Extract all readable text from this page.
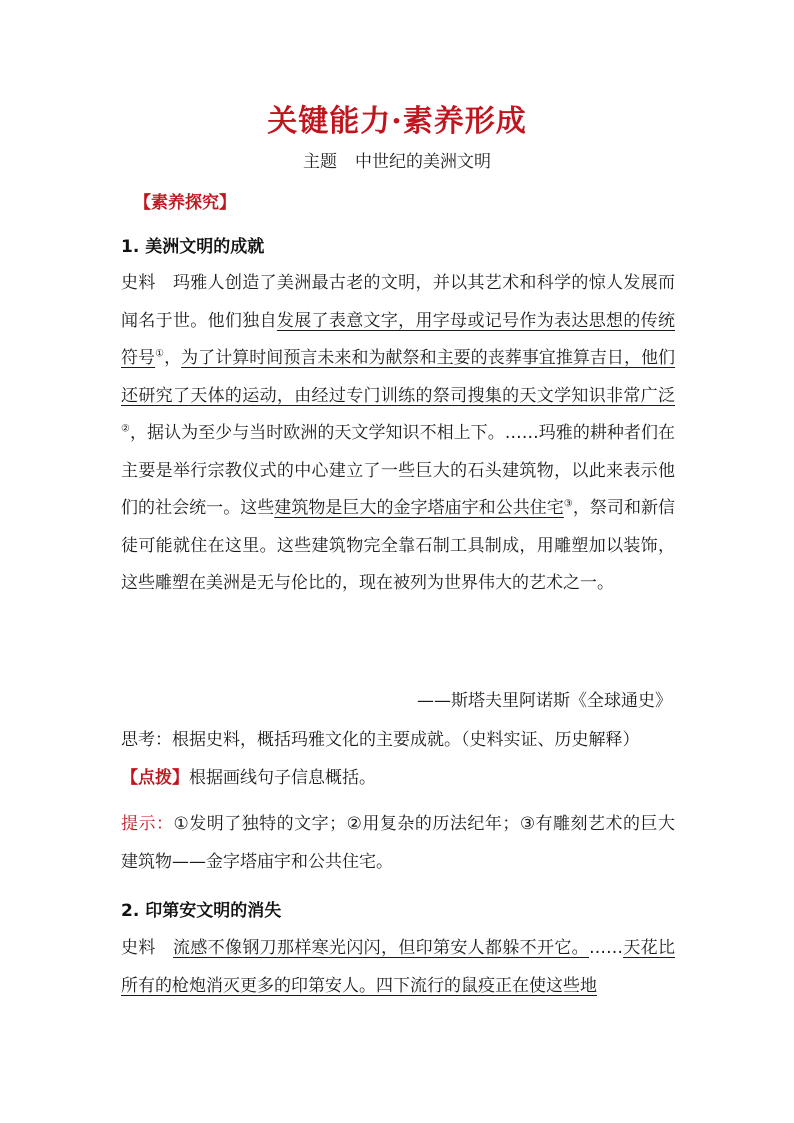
关键能力·素养形成
主题 中世纪的美洲文明
【素养探究】
1. 美洲文明的成就
史料　 玛雅人创造了美洲最古老的文明，并以其艺术和科学的惊人发展而闻名于世。他们独自发展了表意文字，用字母或记号作为表达思想的传统符号①，为了计算时间预言未来和为献祭和主要的丧葬事宜推算吉日，他们还研究了天体的运动，由经过专门训练的祭司搜集的天文学知识非常广泛②，据认为至少与当时欧洲的天文学知识不相上下。……玛雅的耕种者们在主要是举行宗教仪式的中心建立了一些巨大的石头建筑物，以此来表示他们的社会统一。这些建筑物是巨大的金字塔庙宇和公共住宅③，祭司和新信徒可能就住在这里。这些建筑物完全靠石制工具制成，用雕塑加以装饰，这些雕塑在美洲是无与伦比的，现在被列为世界伟大的艺术之一。
——斯塔夫里阿诺斯《全球通史》
思考：根据史料，概括玛雅文化的主要成就。（史料实证、历史解释）
【点拨】根据画线句子信息概括。
提示：①发明了独特的文字；②用复杂的历法纪年；③有雕刻艺术的巨大建筑物——金字塔庙宇和公共住宅。
2. 印第安文明的消失
史料　 流感不像钢刀那样寒光闪闪，但印第安人都躲不开它。……天花比所有的枪炮消灭更多的印第安人。四下流行的鼠疫正在使这些地
